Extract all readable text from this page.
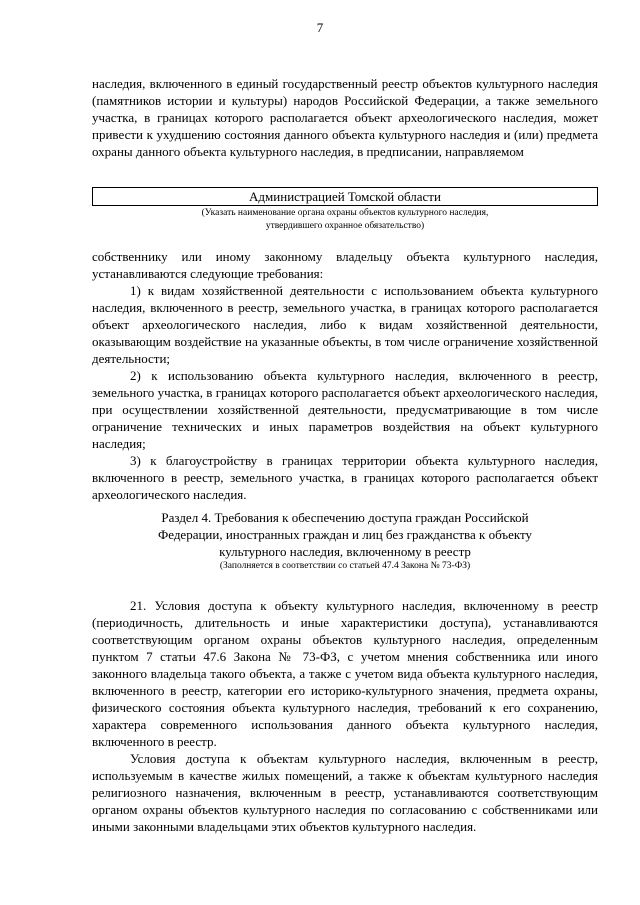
7

наследия, включенного в единый государственный реестр объектов культурного наследия (памятников истории и культуры) народов Российской Федерации, а также земельного участка, в границах которого располагается объект археологического наследия, может привести к ухудшению состояния данного объекта культурного наследия и (или) предмета охраны данного объекта культурного наследия, в предписании, направляемом

Администрацией Томской области
(Указать наименование органа охраны объектов культурного наследия,
утвердившего охранное обязательство)

собственнику или иному законному владельцу объекта культурного наследия, устанавливаются следующие требования:

1) к видам хозяйственной деятельности с использованием объекта культурного наследия, включенного в реестр, земельного участка, в границах которого располагается объект археологического наследия, либо к видам хозяйственной деятельности, оказывающим воздействие на указанные объекты, в том числе ограничение хозяйственной деятельности;

2) к использованию объекта культурного наследия, включенного в реестр, земельного участка, в границах которого располагается объект археологического наследия, при осуществлении хозяйственной деятельности, предусматривающие в том числе ограничение технических и иных параметров воздействия на объект культурного наследия;

3) к благоустройству в границах территории объекта культурного наследия, включенного в реестр, земельного участка, в границах которого располагается объект археологического наследия.

Раздел 4. Требования к обеспечению доступа граждан Российской
Федерации, иностранных граждан и лиц без гражданства к объекту
культурного наследия, включенному в реестр
(Заполняется в соответствии со статьей 47.4 Закона № 73-ФЗ)

21. Условия доступа к объекту культурного наследия, включенному в реестр (периодичность, длительность и иные характеристики доступа), устанавливаются соответствующим органом охраны объектов культурного наследия, определенным пунктом 7 статьи 47.6 Закона № 73-ФЗ, с учетом мнения собственника или иного законного владельца такого объекта, а также с учетом вида объекта культурного наследия, включенного в реестр, категории его историко-культурного значения, предмета охраны, физического состояния объекта культурного наследия, требований к его сохранению, характера современного использования данного объекта культурного наследия, включенного в реестр.

Условия доступа к объектам культурного наследия, включенным в реестр, используемым в качестве жилых помещений, а также к объектам культурного наследия религиозного назначения, включенным в реестр, устанавливаются соответствующим органом охраны объектов культурного наследия по согласованию с собственниками или иными законными владельцами этих объектов культурного наследия.
